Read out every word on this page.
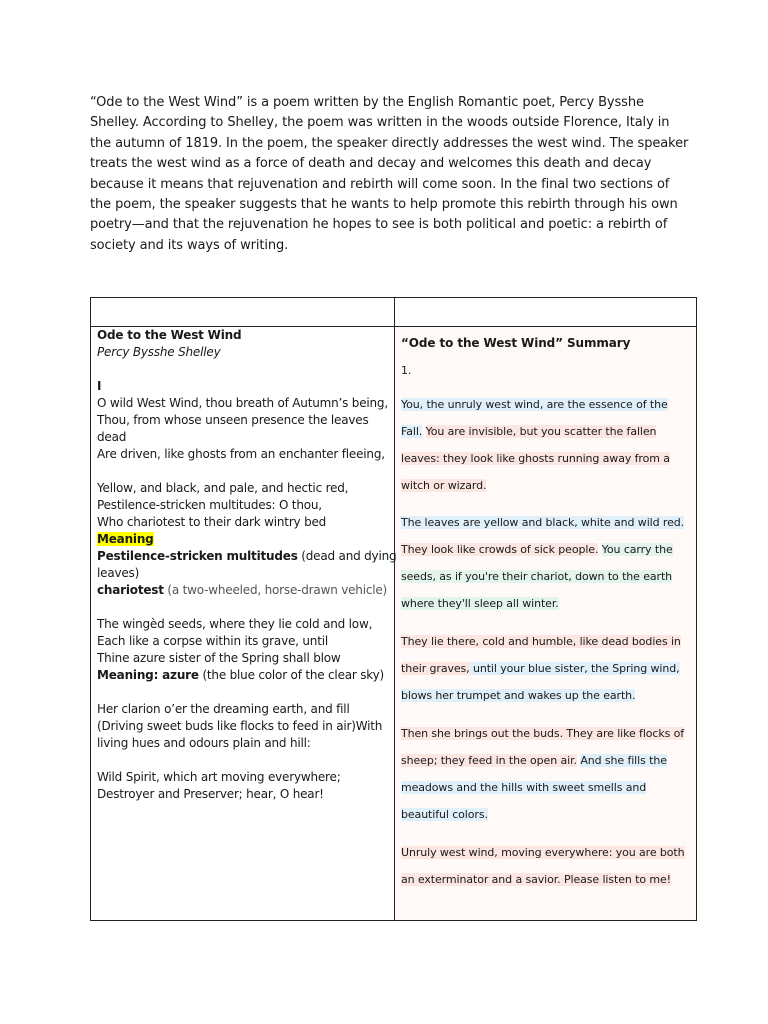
“Ode to the West Wind” is a poem written by the English Romantic poet, Percy Bysshe Shelley. According to Shelley, the poem was written in the woods outside Florence, Italy in the autumn of 1819. In the poem, the speaker directly addresses the west wind. The speaker treats the west wind as a force of death and decay and welcomes this death and decay because it means that rejuvenation and rebirth will come soon. In the final two sections of the poem, the speaker suggests that he wants to help promote this rebirth through his own poetry—and that the rejuvenation he hopes to see is both political and poetic: a rebirth of society and its ways of writing.
Ode to the West Wind
Percy Bysshe Shelley
I
O wild West Wind, thou breath of Autumn’s being,
Thou, from whose unseen presence the leaves
dead
Are driven, like ghosts from an enchanter fleeing,
Yellow, and black, and pale, and hectic red,
Pestilence-stricken multitudes: O thou,
Who chariotest to their dark wintry bed
Meaning
Pestilence-stricken multitudes (dead and dying
leaves)
chariotest (a two-wheeled, horse-drawn vehicle)
The wingèd seeds, where they lie cold and low,
Each like a corpse within its grave, until
Thine azure sister of the Spring shall blow
Meaning: azure (the blue color of the clear sky)
Her clarion o’er the dreaming earth, and fill
(Driving sweet buds like flocks to feed in air)With
living hues and odours plain and hill:
Wild Spirit, which art moving everywhere;
Destroyer and Preserver; hear, O hear!
“Ode to the West Wind” Summary
1.

You, the unruly west wind, are the essence of the Fall. You are invisible, but you scatter the fallen leaves: they look like ghosts running away from a witch or wizard.

The leaves are yellow and black, white and wild red. They look like crowds of sick people. You carry the seeds, as if you're their chariot, down to the earth where they'll sleep all winter.

They lie there, cold and humble, like dead bodies in their graves, until your blue sister, the Spring wind, blows her trumpet and wakes up the earth.

Then she brings out the buds. They are like flocks of sheep; they feed in the open air. And she fills the meadows and the hills with sweet smells and beautiful colors.

Unruly west wind, moving everywhere: you are both an exterminator and a savior. Please listen to me!
